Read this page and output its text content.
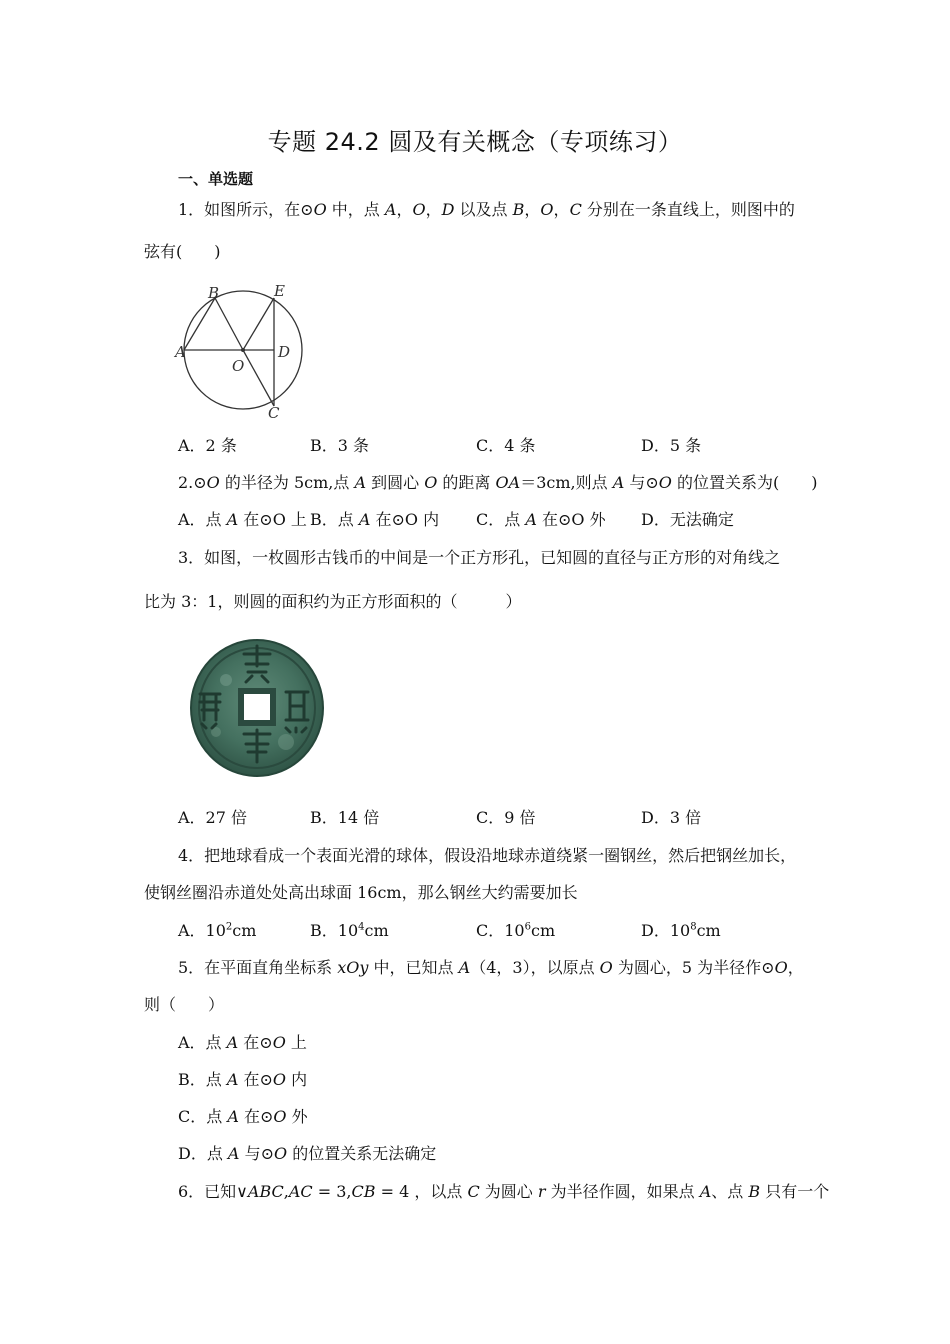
专题 24.2 圆及有关概念（专项练习）
一、单选题
1．如图所示，在⊙O 中，点 A，O，D 以及点 B，O，C 分别在一条直线上，则图中的
弦有(　　)
B	E
A
O
D
C
A．2 条	B．3 条	C．4 条	D．5 条
2.⊙O 的半径为 5cm,点 A 到圆心 O 的距离 OA＝3cm,则点 A 与⊙O 的位置关系为(　　)
A．点 A 在⊙O 上 B．点 A 在⊙O 内 C．点 A 在⊙O 外 D．无法确定
3．如图，一枚圆形古钱币的中间是一个正方形孔，已知圆的直径与正方形的对角线之
比为 3：1，则圆的面积约为正方形面积的（　　　）
A．27 倍	B．14 倍	C．9 倍	D．3 倍
4．把地球看成一个表面光滑的球体，假设沿地球赤道绕紧一圈钢丝，然后把钢丝加长，
使钢丝圈沿赤道处处高出球面 16cm，那么钢丝大约需要加长
A．$10^2cm$	B．$10^4cm$	C．$10^6cm$	D．$10^8cm$
5．在平面直角坐标系 xOy 中，已知点 A（4，3），以原点 O 为圆心，5 为半径作⊙O，
则（　　）
A．点 A 在⊙O 上
B．点 A 在⊙O 内
C．点 A 在⊙O 外
D．点 A 与⊙O 的位置关系无法确定
6．已知∨ABC,AC = 3,CB = 4 ，以点 C 为圆心 r 为半径作圆，如果点 A、点 B 只有一个
